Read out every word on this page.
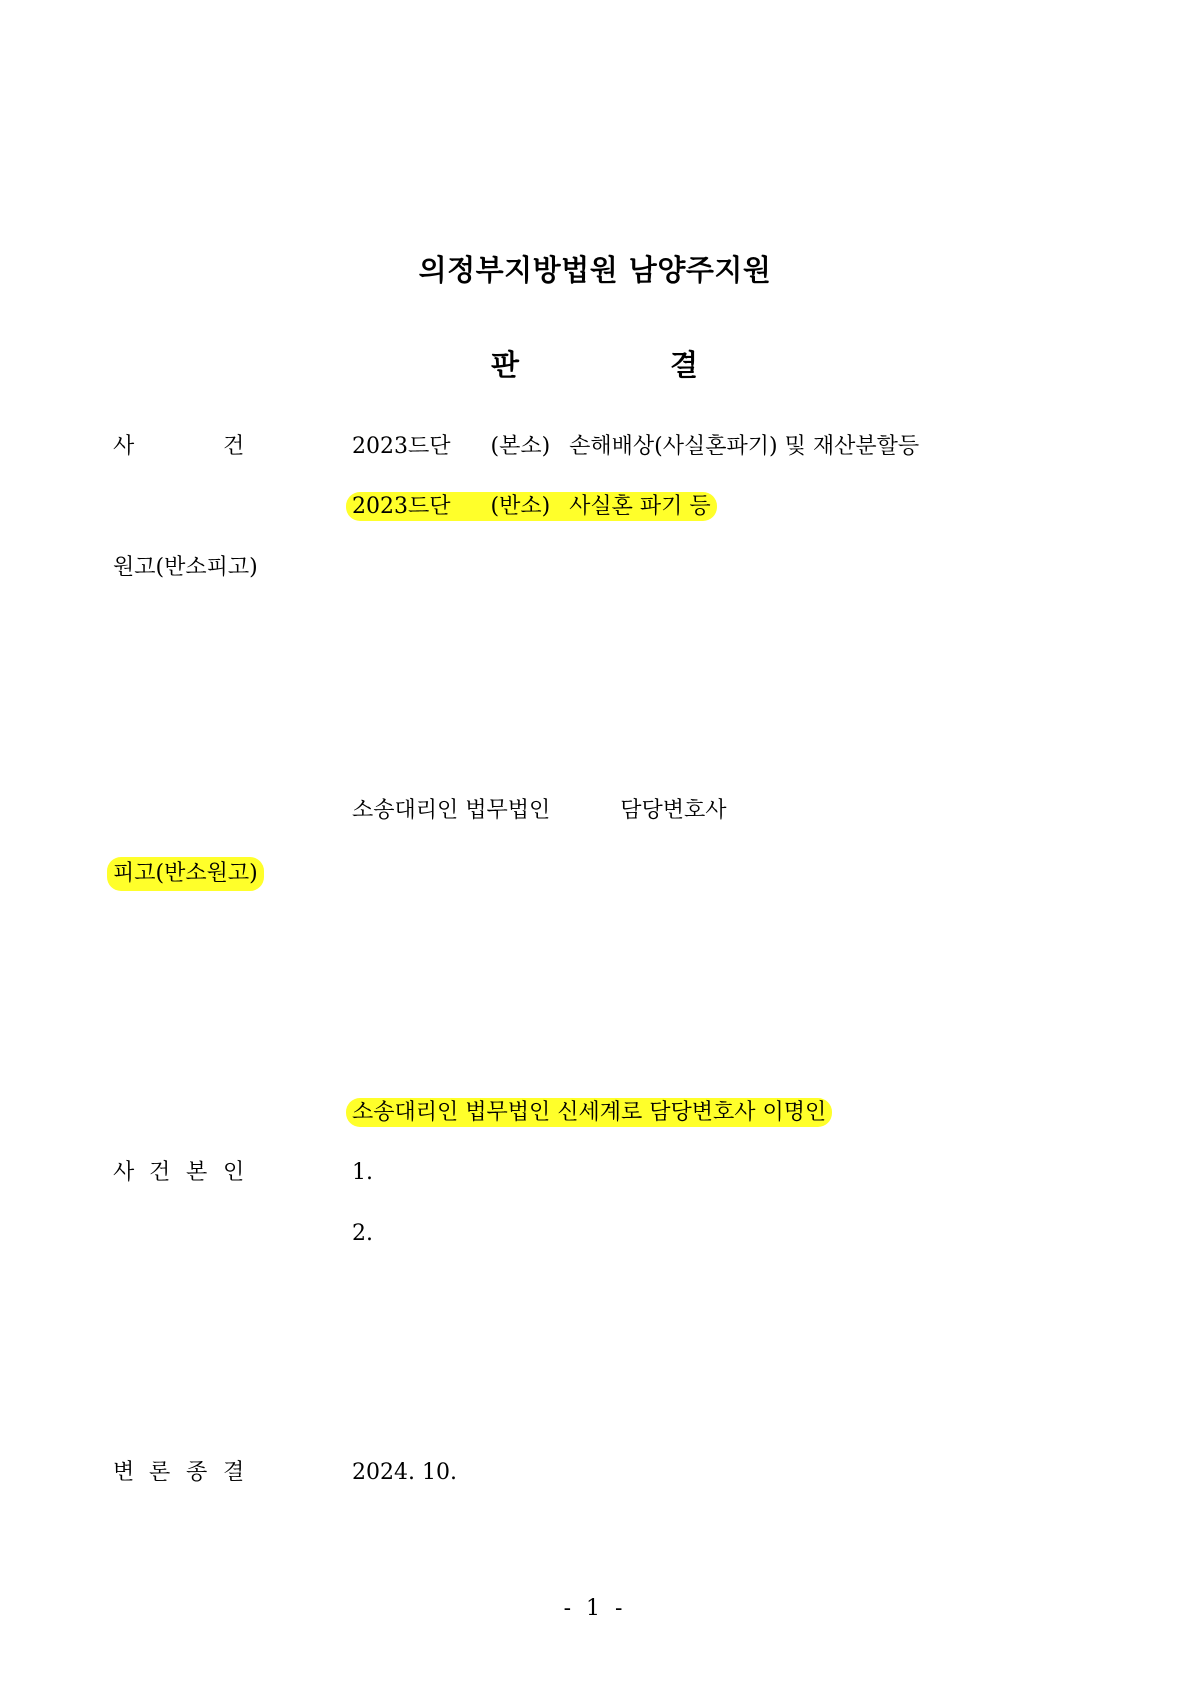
의정부지방법원 남양주지원
판	결
사	건	2023드단 (본소) 손해배상(사실혼파기) 및 재산분할등
2023드단 (반소) 사실혼 파기 등
원고(반소피고)
소송대리인 법무법인	담당변호사
피고(반소원고)
소송대리인 법무법인 신세계로 담당변호사 이명인
사 건 본 인	1.
2.
변 론 종 결	2024. 10.
- 1 -
